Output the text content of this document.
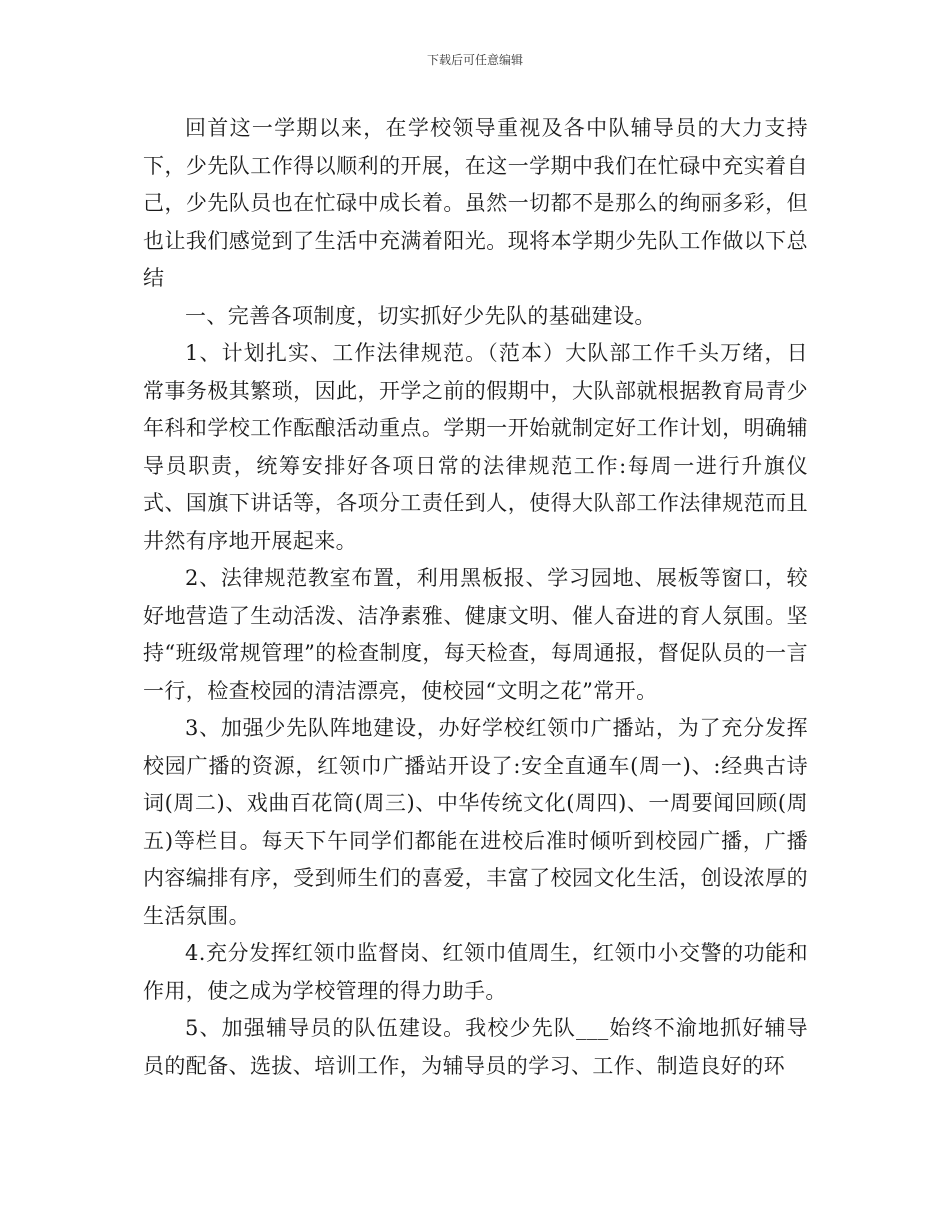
下载后可任意编辑

回首这一学期以来，在学校领导重视及各中队辅导员的大力支持下，少先队工作得以顺利的开展，在这一学期中我们在忙碌中充实着自己，少先队员也在忙碌中成长着。虽然一切都不是那么的绚丽多彩，但也让我们感觉到了生活中充满着阳光。现将本学期少先队工作做以下总结

一、完善各项制度，切实抓好少先队的基础建设。

1、计划扎实、工作法律规范。（范本）大队部工作千头万绪，日常事务极其繁琐，因此，开学之前的假期中，大队部就根据教育局青少年科和学校工作酝酿活动重点。学期一开始就制定好工作计划，明确辅导员职责，统筹安排好各项日常的法律规范工作:每周一进行升旗仪式、国旗下讲话等，各项分工责任到人，使得大队部工作法律规范而且井然有序地开展起来。

2、法律规范教室布置，利用黑板报、学习园地、展板等窗口，较好地营造了生动活泼、洁净素雅、健康文明、催人奋进的育人氛围。坚持“班级常规管理”的检查制度，每天检查，每周通报，督促队员的一言一行，检查校园的清洁漂亮，使校园“文明之花”常开。

3、加强少先队阵地建设，办好学校红领巾广播站，为了充分发挥校园广播的资源，红领巾广播站开设了:安全直通车(周一)、:经典古诗词(周二)、戏曲百花筒(周三)、中华传统文化(周四)、一周要闻回顾(周五)等栏目。每天下午同学们都能在进校后准时倾听到校园广播，广播内容编排有序，受到师生们的喜爱，丰富了校园文化生活，创设浓厚的生活氛围。

4.充分发挥红领巾监督岗、红领巾值周生，红领巾小交警的功能和作用，使之成为学校管理的得力助手。

5、加强辅导员的队伍建设。我校少先队___始终不渝地抓好辅导员的配备、选拔、培训工作，为辅导员的学习、工作、制造良好的环
